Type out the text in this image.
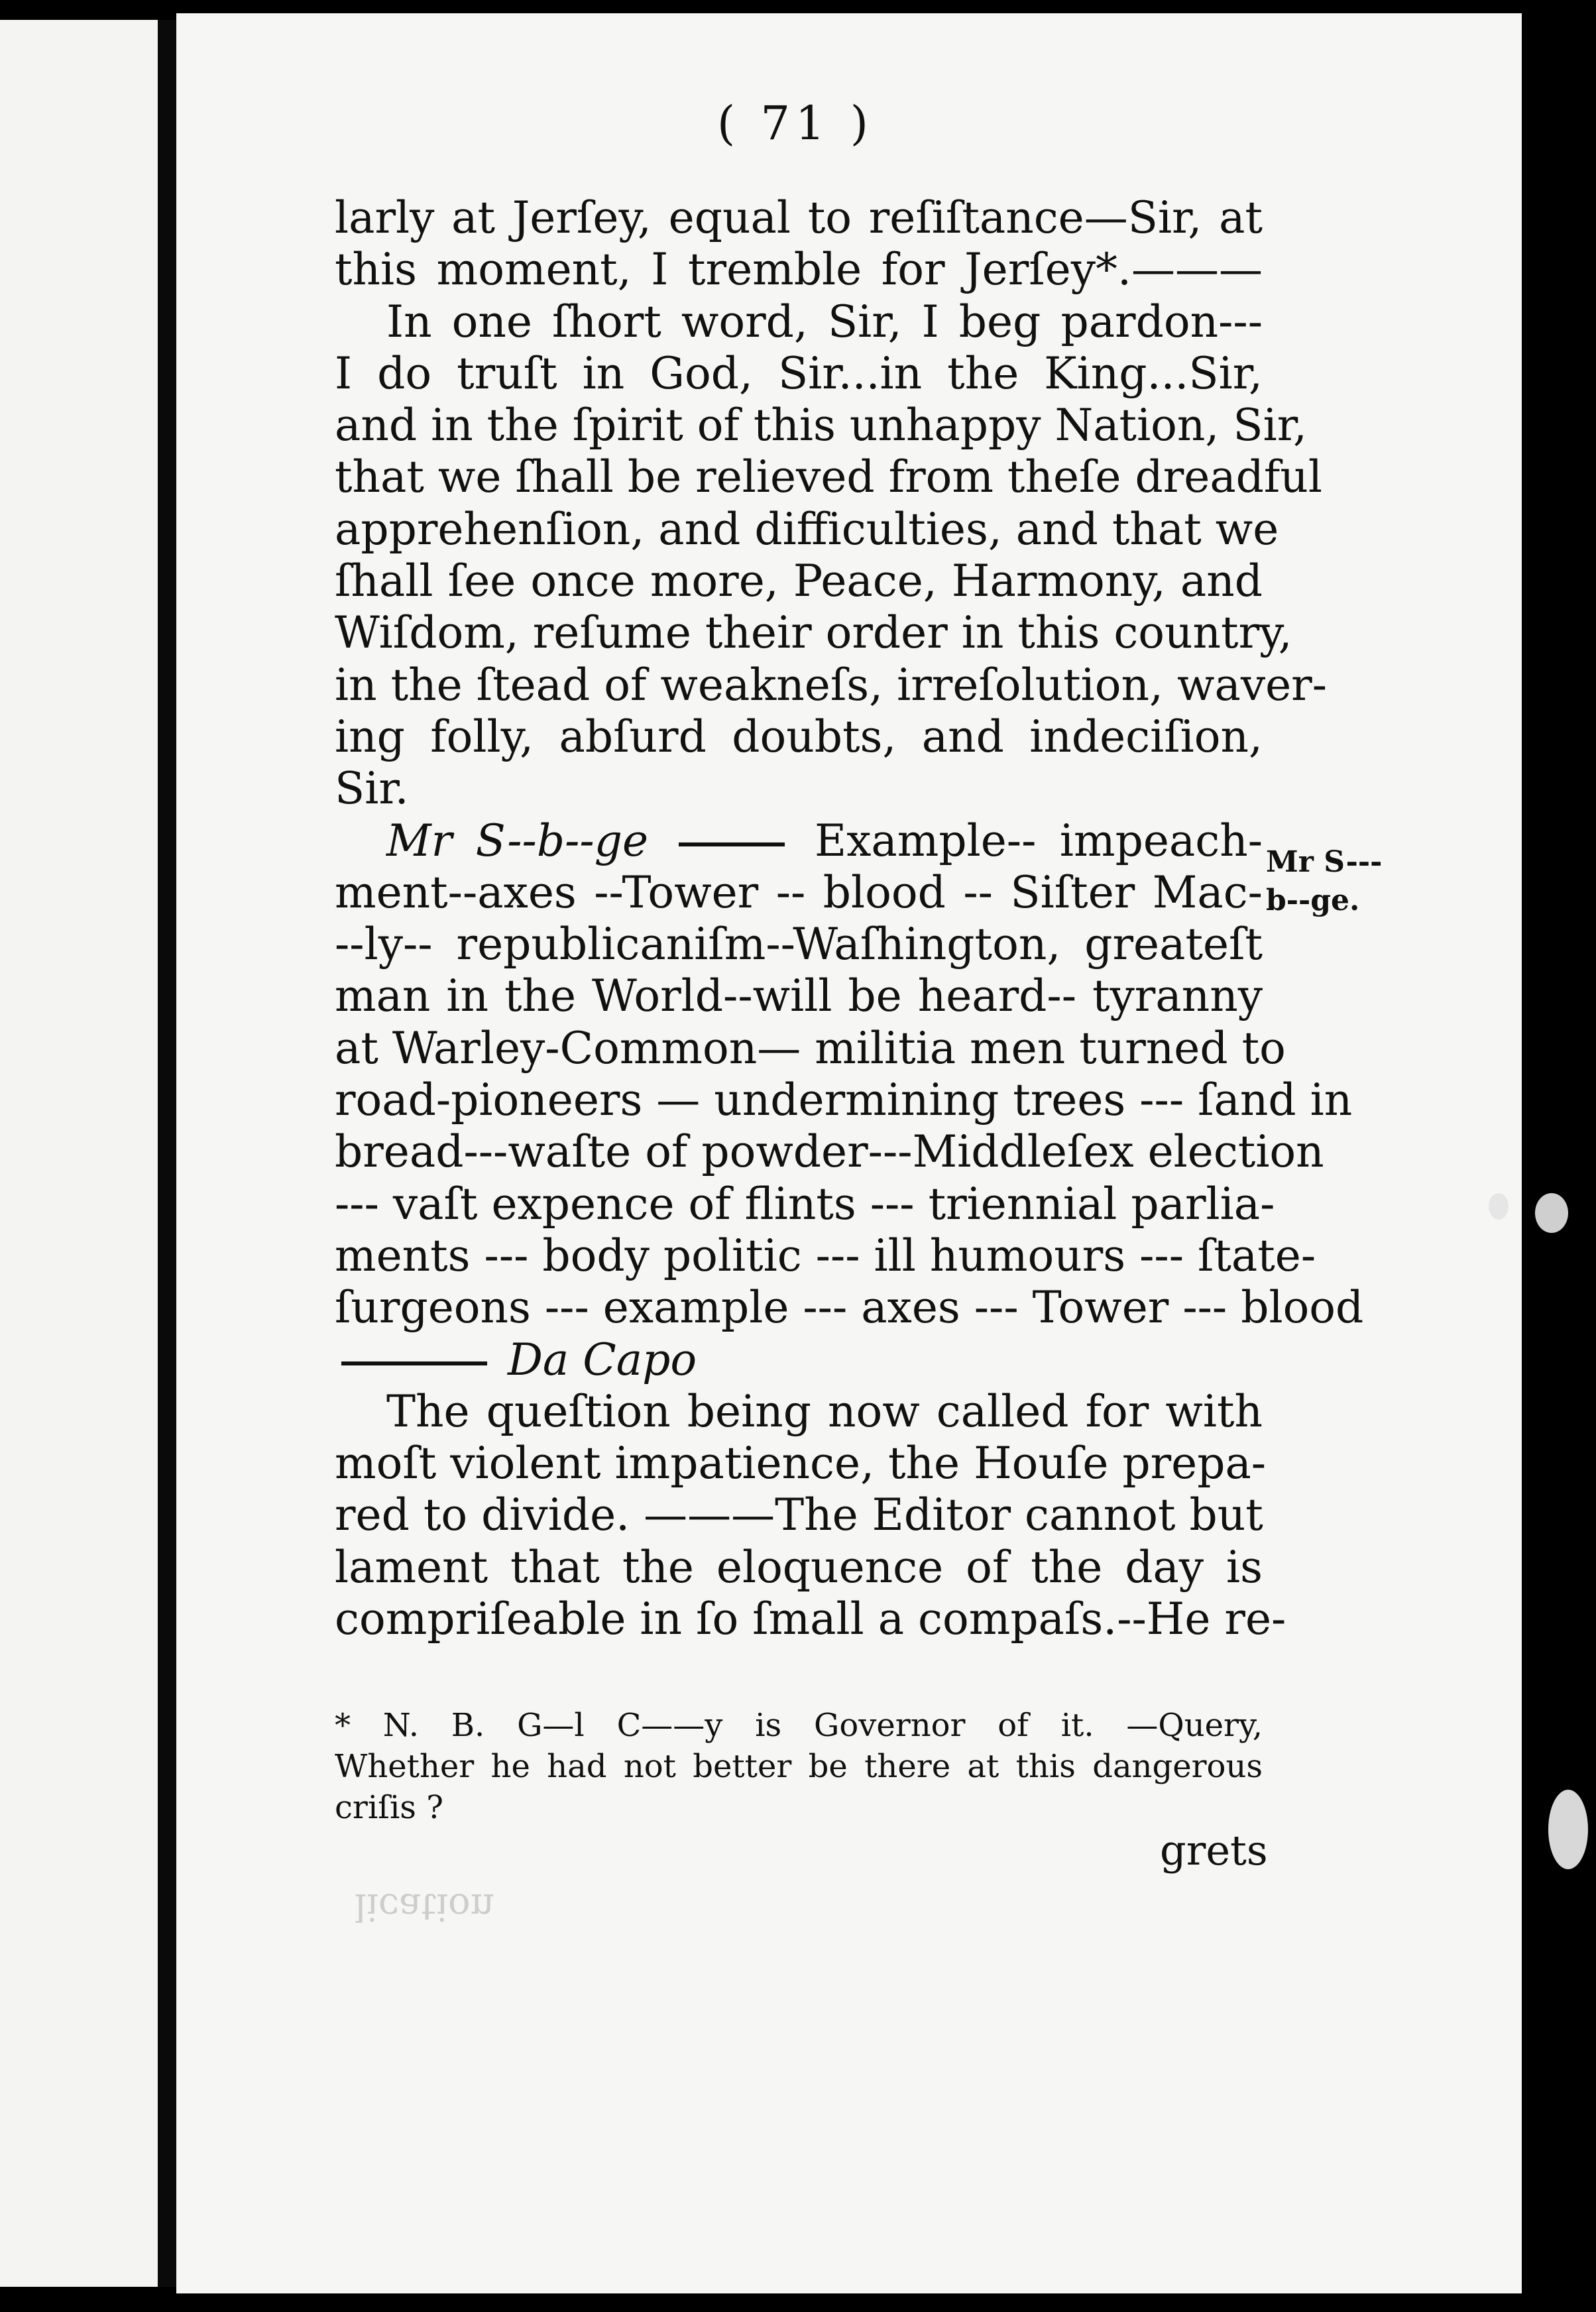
( 71 )
larly at Jerſey, equal to reſiſtance—Sir, at
this moment, I tremble for Jerſey*.———
In one ſhort word, Sir, I beg pardon---
I do truſt in God, Sir...in the King...Sir,
and in the ſpirit of this unhappy Nation, Sir,
that we ſhall be relieved from theſe dreadful
apprehenſion, and difficulties, and that we
ſhall ſee once more, Peace, Harmony, and
Wiſdom, reſume their order in this country,
in the ſtead of weakneſs, irreſolution, waver-
ing folly, abſurd doubts, and indeciſion,
Sir.
Mr S--b--ge	Example-- impeach-
ment--axes --Tower -- blood -- Siſter Mac-
--ly-- republicaniſm--Waſhington, greateſt
man in the World--will be heard-- tyranny
at Warley-Common— militia men turned to
road-pioneers — undermining trees --- ſand in
bread---waſte of powder---Middleſex election
--- vaſt expence of flints --- triennial parlia-
ments --- body politic --- ill humours --- ſtate-
ſurgeons --- example --- axes --- Tower --- blood
Da Capo
The queſtion being now called for with
moſt violent impatience, the Houſe prepa-
red to divide. ———The Editor cannot but
lament that the eloquence of the day is
compriſeable in ſo ſmall a compaſs.--He re-
Mr S---
b--ge.
* N. B. G—l C——y is Governor of it. —Query,
Whether he had not better be there at this dangerous
criſis ?
grets
lication
